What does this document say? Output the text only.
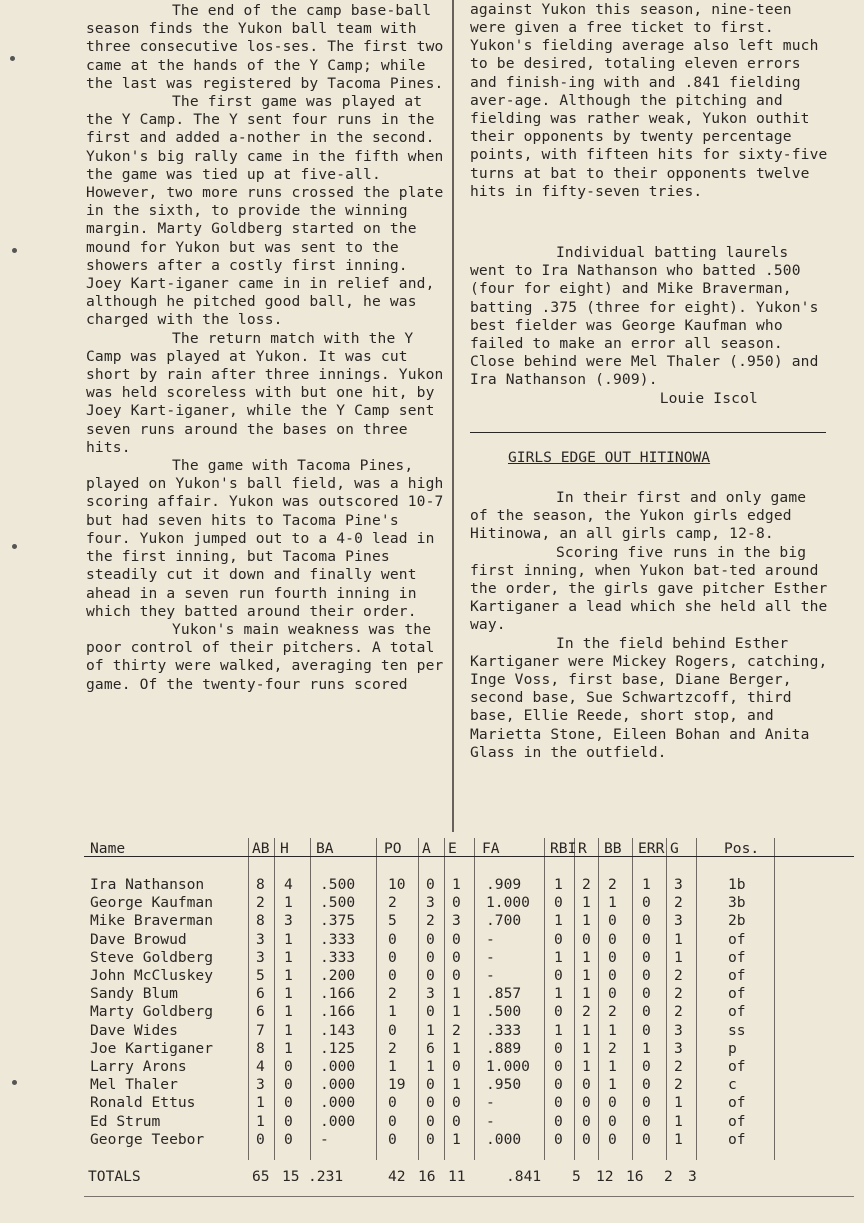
The end of the camp base-ball season finds the Yukon ball team with three consecutive los-ses. The first two came at the hands of the Y Camp; while the last was registered by Tacoma Pines.

The first game was played at the Y Camp. The Y sent four runs in the first and added a-nother in the second. Yukon's big rally came in the fifth when the game was tied up at five-all. However, two more runs crossed the plate in the sixth, to provide the winning margin. Marty Goldberg started on the mound for Yukon but was sent to the showers after a costly first inning. Joey Kart-iganer came in in relief and, although he pitched good ball, he was charged with the loss.

The return match with the Y Camp was played at Yukon. It was cut short by rain after three innings. Yukon was held scoreless with but one hit, by Joey Kart-iganer, while the Y Camp sent seven runs around the bases on three hits.

The game with Tacoma Pines, played on Yukon's ball field, was a high scoring affair. Yukon was outscored 10-7 but had seven hits to Tacoma Pine's four. Yukon jumped out to a 4-0 lead in the first inning, but Tacoma Pines steadily cut it down and finally went ahead in a seven run fourth inning in which they batted around their order.

Yukon's main weakness was the poor control of their pitchers. A total of thirty were walked, averaging ten per game. Of the twenty-four runs scored

against Yukon this season, nine-teen were given a free ticket to first. Yukon's fielding average also left much to be desired, totaling eleven errors and finish-ing with and .841 fielding aver-age. Although the pitching and fielding was rather weak, Yukon outhit their opponents by twenty percentage points, with fifteen hits for sixty-five turns at bat to their opponents twelve hits in fifty-seven tries.

Individual batting laurels went to Ira Nathanson who batted .500 (four for eight) and Mike Braverman, batting .375 (three for eight). Yukon's best fielder was George Kaufman who failed to make an error all season. Close behind were Mel Thaler (.950) and Ira Nathanson (.909).

Louie Iscol

GIRLS EDGE OUT HITINOWA

In their first and only game of the season, the Yukon girls edged Hitinowa, an all girls camp, 12-8.

Scoring five runs in the big first inning, when Yukon bat-ted around the order, the girls gave pitcher Esther Kartiganer a lead which she held all the way.

In the field behind Esther Kartiganer were Mickey Rogers, catching, Inge Voss, first base, Diane Berger, second base, Sue Schwartzcoff, third base, Ellie Reede, short stop, and Marietta Stone, Eileen Bohan and Anita Glass in the outfield.

Name	AB H BA	PO A E FA	RBI R BB ERR G	Pos.
Ira Nathanson	8 4 .500 10 0 1 .909 1 2 2 1 3	1b
George Kaufman	2 1 .500 2 3 0 1.000 0 1 1 0 2	3b
Mike Braverman	8 3 .375 5 2 3 .700 1 1 0 0 3	2b
Dave Browud	3 1 .333 0 0 0 -	0 0 0 0 1	of
Steve Goldberg	3 1 .333 0 0 0 -	1 1 0 0 1	of
John McCluskey	5 1 .200 0 0 0 -	0 1 0 0 2	of
Sandy Blum	6 1 .166 2 3 1 .857 1 1 0 0 2	of
Marty Goldberg	6 1 .166 1 0 1 .500 0 2 2 0 2	of
Dave Wides	7 1 .143 0 1 2 .333 1 1 1 0 3	ss
Joe Kartiganer	8 1 .125 2 6 1 .889 0 1 2 1 3	p
Larry Arons	4 0 .000 1 1 0 1.000 0 1 1 0 2	of
Mel Thaler	3 0 .000 19 0 1 .950 0 0 1 0 2	c
Ronald Ettus	1 0 .000 0 0 0 -	0 0 0 0 1	of
Ed Strum	1 0 .000 0 0 0 -	0 0 0 0 1	of
George Teebor	0 0 -	0 0 1 .000 0 0 0 0 1	of
TOTALS	65 15 .231	42 16 11	.841 5 12 16 2 3
